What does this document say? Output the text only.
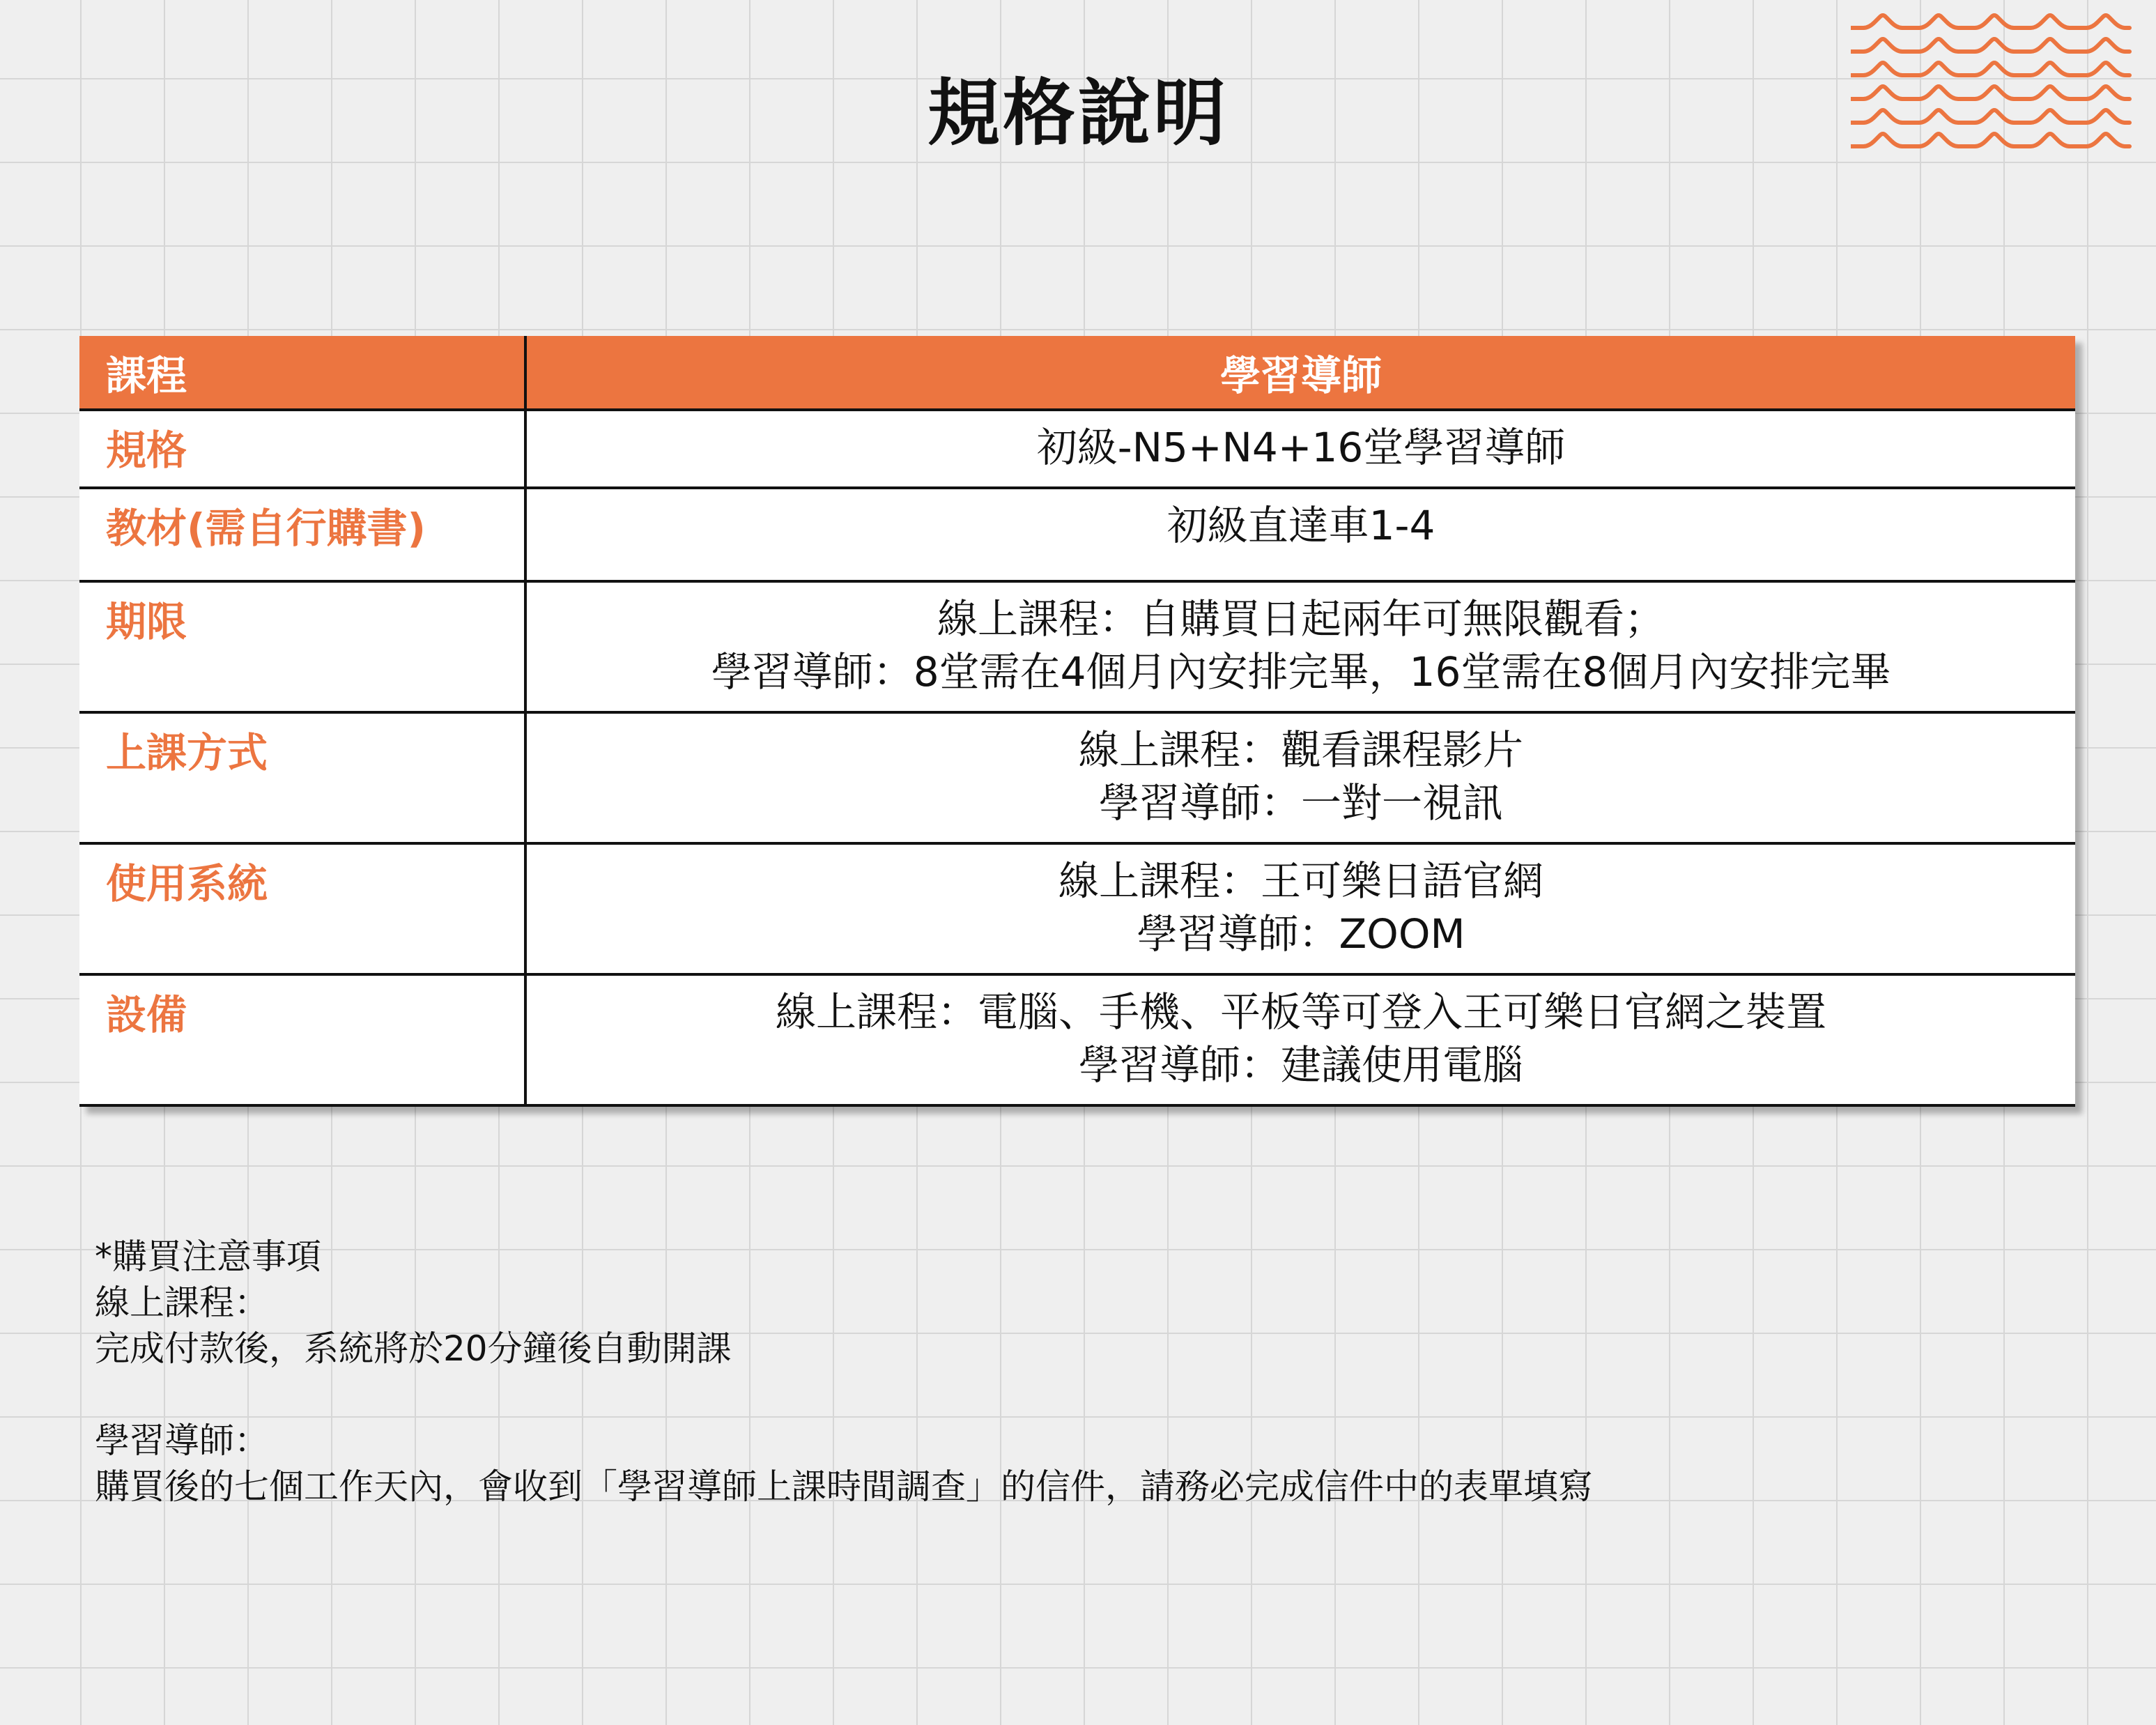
規格說明
課程	學習導師
規格	初級-N5+N4+16堂學習導師

教材(需自行購書)	初級直達車1-4

期限	線上課程：自購買日起兩年可無限觀看；
學習導師：8堂需在4個月內安排完畢，16堂需在8個月內安排完畢

上課方式	線上課程：觀看課程影片
學習導師：一對一視訊

使用系統	線上課程：王可樂日語官網
學習導師：ZOOM

設備	線上課程：電腦、手機、平板等可登入王可樂日官網之裝置
學習導師：建議使用電腦
*購買注意事項
線上課程：
完成付款後，系統將於20分鐘後自動開課
學習導師：
購買後的七個工作天內，會收到「學習導師上課時間調查」的信件，請務必完成信件中的表單填寫
